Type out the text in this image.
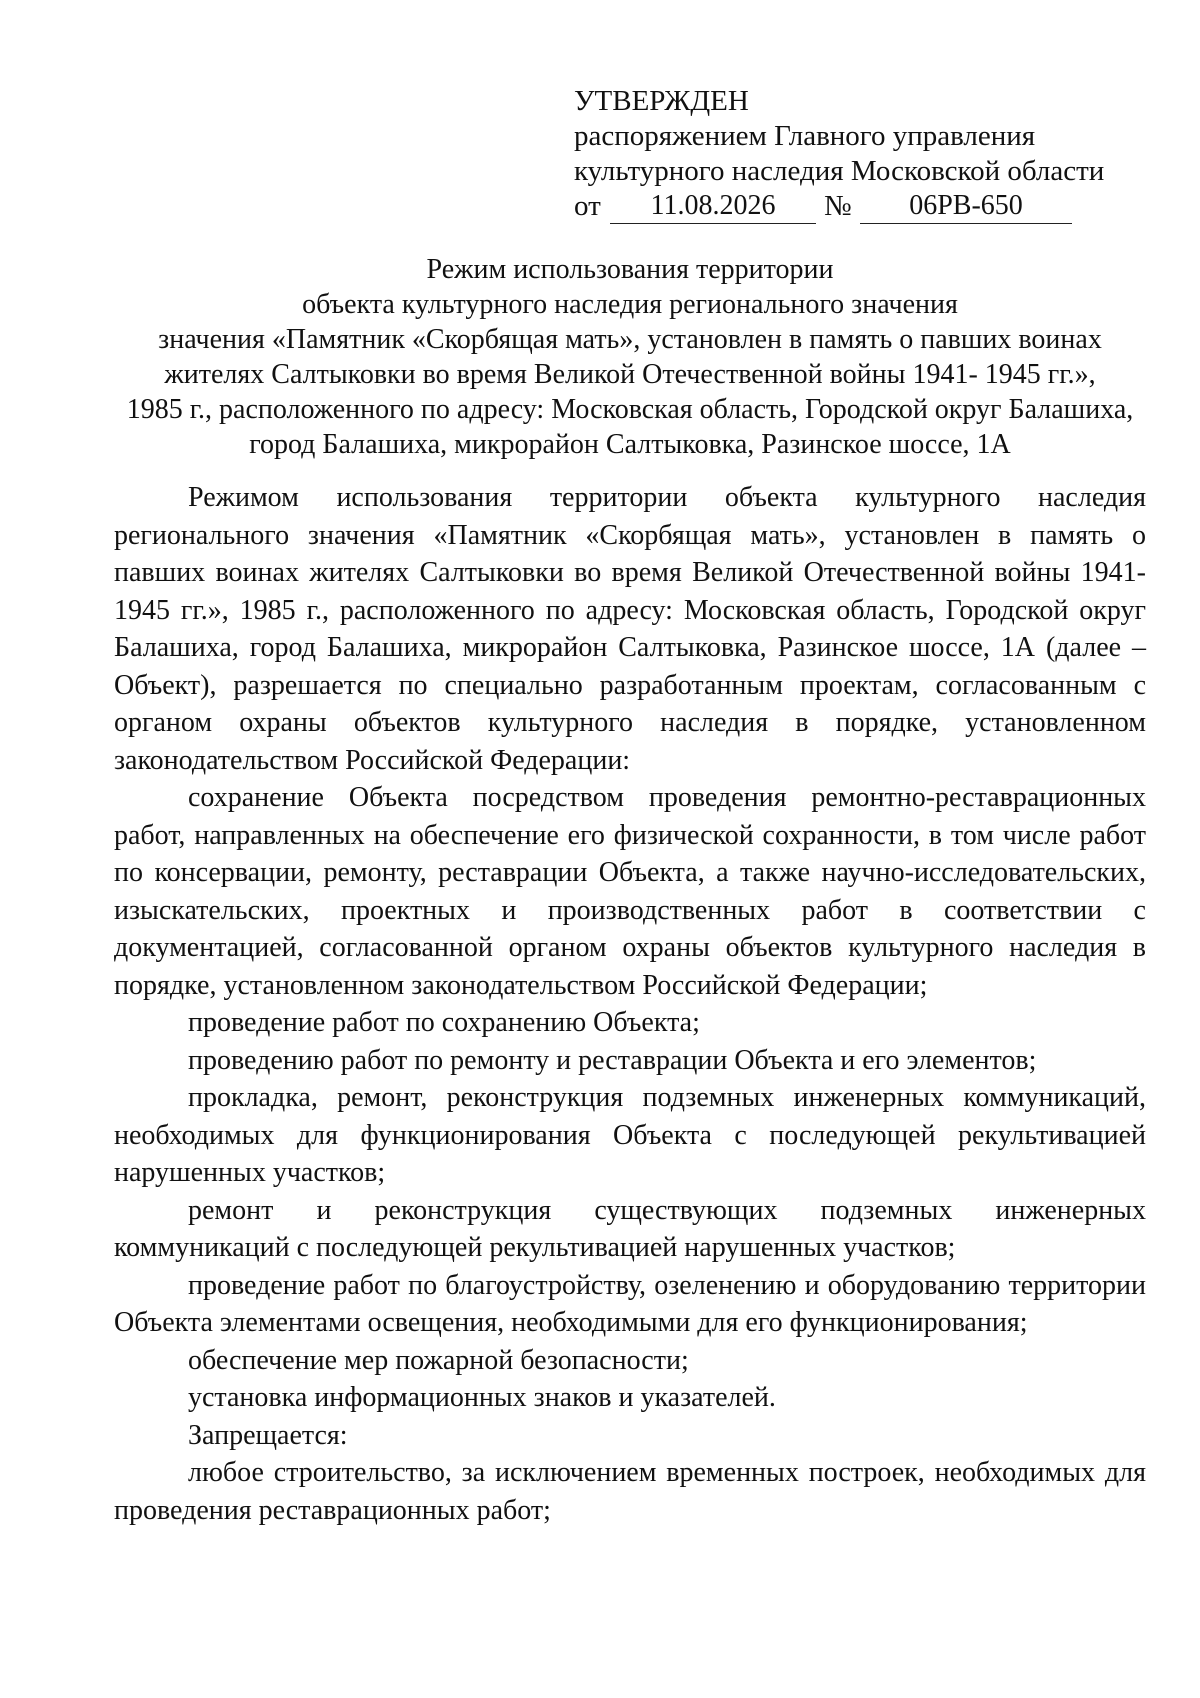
УТВЕРЖДЕН
распоряжением Главного управления
культурного наследия Московской области
от	11.08.2026	№	06РВ-650
Режим использования территории
объекта культурного наследия регионального значения
значения «Памятник «Скорбящая мать», установлен в память о павших воинах
жителях Салтыковки во время Великой Отечественной войны 1941- 1945 гг.»,
1985 г., расположенного по адресу: Московская область, Городской округ Балашиха,
город Балашиха, микрорайон Салтыковка, Разинское шоссе, 1А

Режимом использования территории объекта культурного наследия регионального значения «Памятник «Скорбящая мать», установлен в память о павших воинах жителях Салтыковки во время Великой Отечественной войны 1941-1945 гг.», 1985 г., расположенного по адресу: Московская область, Городской округ Балашиха, город Балашиха, микрорайон Салтыковка, Разинское шоссе, 1А (далее – Объект), разрешается по специально разработанным проектам, согласованным с органом охраны объектов культурного наследия в порядке, установленном законодательством Российской Федерации:

сохранение Объекта посредством проведения ремонтно-реставрационных работ, направленных на обеспечение его физической сохранности, в том числе работ по консервации, ремонту, реставрации Объекта, а также научно-исследовательских, изыскательских, проектных и производственных работ в соответствии с документацией, согласованной органом охраны объектов культурного наследия в порядке, установленном законодательством Российской Федерации;

проведение работ по сохранению Объекта;

проведению работ по ремонту и реставрации Объекта и его элементов;

прокладка, ремонт, реконструкция подземных инженерных коммуникаций, необходимых для функционирования Объекта с последующей рекультивацией нарушенных участков;

ремонт и реконструкция существующих подземных инженерных коммуникаций с последующей рекультивацией нарушенных участков;

проведение работ по благоустройству, озеленению и оборудованию территории Объекта элементами освещения, необходимыми для его функционирования;

обеспечение мер пожарной безопасности;

установка информационных знаков и указателей.

Запрещается:

любое строительство, за исключением временных построек, необходимых для проведения реставрационных работ;
